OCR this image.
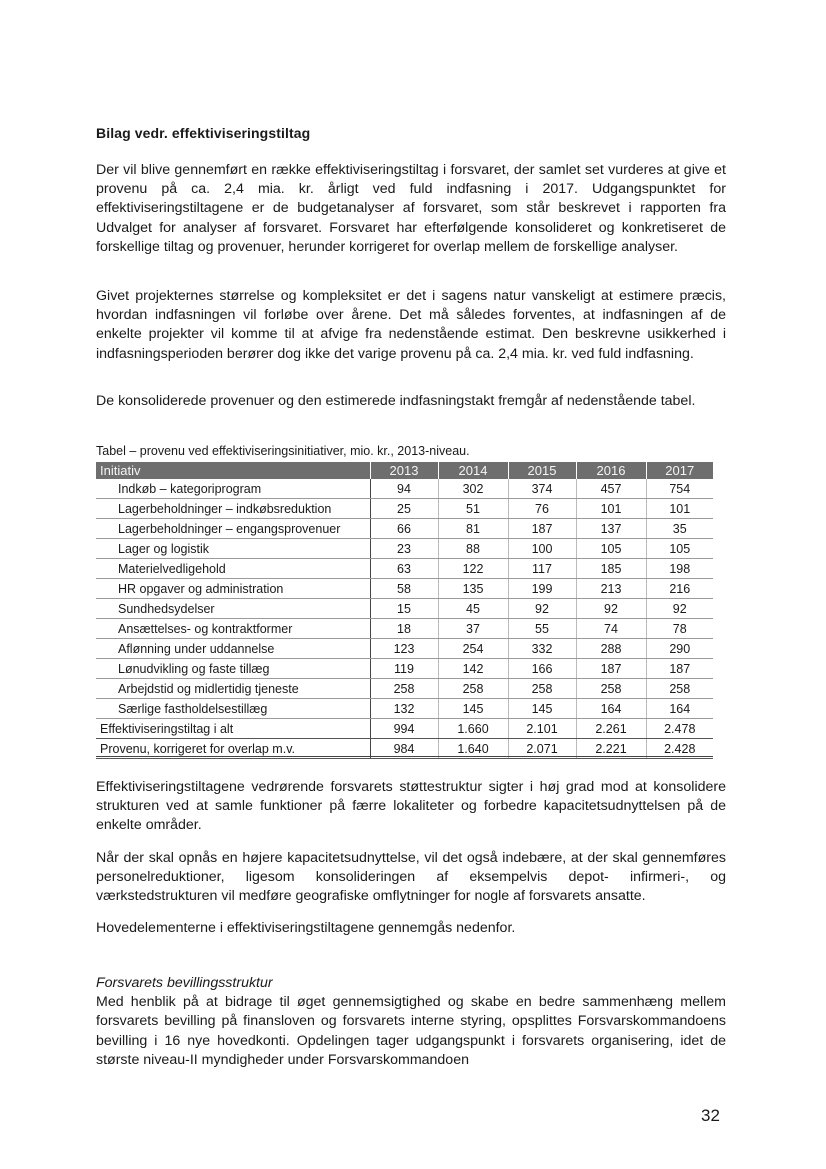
Bilag vedr. effektiviseringstiltag

Der vil blive gennemført en række effektiviseringstiltag i forsvaret, der samlet set vurderes at give et provenu på ca. 2,4 mia. kr. årligt ved fuld indfasning i 2017. Udgangspunktet for effektiviseringstiltagene er de budgetanalyser af forsvaret, som står beskrevet i rapporten fra Udvalget for analyser af forsvaret. Forsvaret har efterfølgende konsolideret og konkretiseret de forskellige tiltag og provenuer, herunder korrigeret for overlap mellem de forskellige analyser.

Givet projekternes størrelse og kompleksitet er det i sagens natur vanskeligt at estimere præcis, hvordan indfasningen vil forløbe over årene. Det må således forventes, at indfasningen af de enkelte projekter vil komme til at afvige fra nedenstående estimat. Den beskrevne usikkerhed i indfasningsperioden berører dog ikke det varige provenu på ca. 2,4 mia. kr. ved fuld indfasning.

De konsoliderede provenuer og den estimerede indfasningstakt fremgår af nedenstående tabel.

Tabel – provenu ved effektiviseringsinitiativer, mio. kr., 2013-niveau.

Initiativ	2013	2014	2015	2016	2017
Indkøb – kategoriprogram	94	302	374	457	754
Lagerbeholdninger – indkøbsreduktion	25	51	76	101	101
Lagerbeholdninger – engangsprovenuer	66	81	187	137	35
Lager og logistik	23	88	100	105	105
Materielvedligehold	63	122	117	185	198
HR opgaver og administration	58	135	199	213	216
Sundhedsydelser	15	45	92	92	92
Ansættelses- og kontraktformer	18	37	55	74	78
Aflønning under uddannelse	123	254	332	288	290
Lønudvikling og faste tillæg	119	142	166	187	187
Arbejdstid og midlertidig tjeneste	258	258	258	258	258
Særlige fastholdelsestillæg	132	145	145	164	164
Effektiviseringstiltag i alt	994	1.660	2.101	2.261	2.478
Provenu, korrigeret for overlap m.v.	984	1.640	2.071	2.221	2.428

Effektiviseringstiltagene vedrørende forsvarets støttestruktur sigter i høj grad mod at konsolidere strukturen ved at samle funktioner på færre lokaliteter og forbedre kapacitetsudnyttelsen på de enkelte områder.

Når der skal opnås en højere kapacitetsudnyttelse, vil det også indebære, at der skal gennemføres personelreduktioner, ligesom konsolideringen af eksempelvis depot- infirmeri-, og værkstedstrukturen vil medføre geografiske omflytninger for nogle af forsvarets ansatte.

Hovedelementerne i effektiviseringstiltagene gennemgås nedenfor.

Forsvarets bevillingsstruktur
Med henblik på at bidrage til øget gennemsigtighed og skabe en bedre sammenhæng mellem forsvarets bevilling på finansloven og forsvarets interne styring, opsplittes Forsvarskommandoens bevilling i 16 nye hovedkonti. Opdelingen tager udgangspunkt i forsvarets organisering, idet de største niveau-II myndigheder under Forsvarskommandoen
32
